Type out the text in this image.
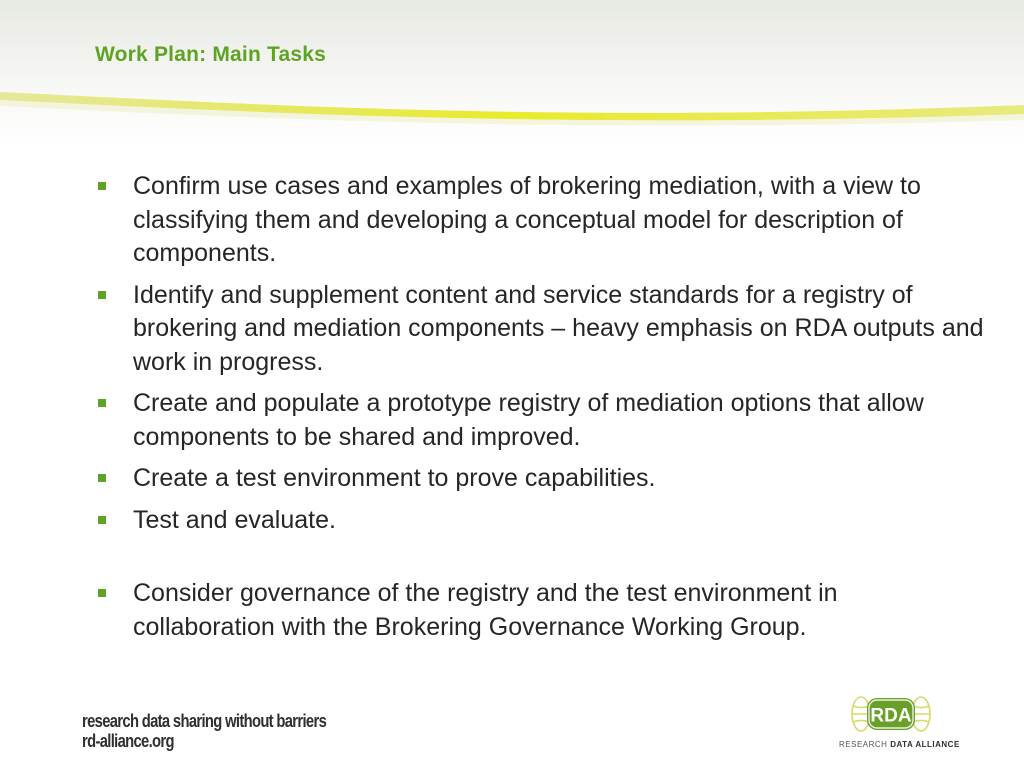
Work Plan: Main Tasks
Confirm use cases and examples of brokering mediation, with a view to classifying them and developing a conceptual model for description of components.
Identify and supplement content and service standards for a registry of brokering and mediation components – heavy emphasis on RDA outputs and work in progress.
Create and populate a prototype registry of mediation options that allow components to be shared and improved.
Create a test environment to prove capabilities.
Test and evaluate.
Consider governance of the registry and the test environment in collaboration with the Brokering Governance Working Group.
research data sharing without barriers
rd-alliance.org
RDA
RESEARCH DATA ALLIANCE
